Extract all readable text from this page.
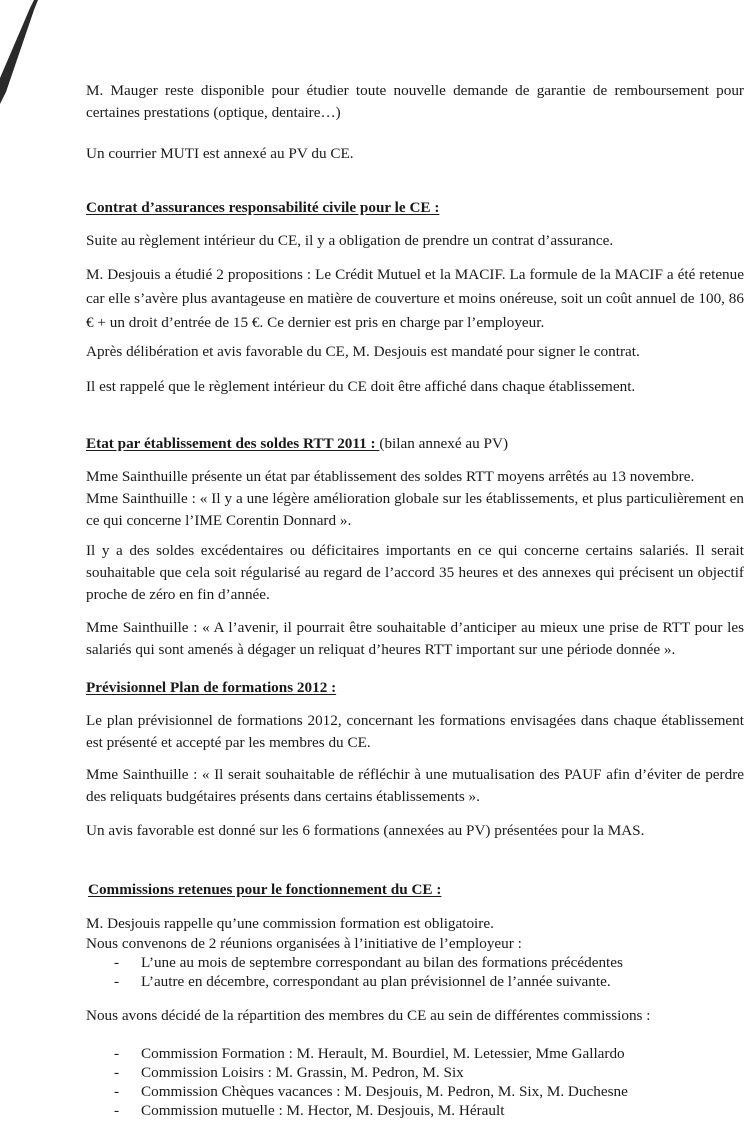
M. Mauger reste disponible pour étudier toute nouvelle demande de garantie de remboursement pour certaines prestations (optique, dentaire…)

Un courrier MUTI est annexé au PV du CE.

Contrat d’assurances responsabilité civile pour le CE :

Suite au règlement intérieur du CE, il y a obligation de prendre un contrat d’assurance.

M. Desjouis a étudié 2 propositions : Le Crédit Mutuel et la MACIF. La formule de la MACIF a été retenue car elle s’avère plus avantageuse en matière de couverture et moins onéreuse, soit un coût annuel de 100, 86 € + un droit d’entrée de 15 €. Ce dernier est pris en charge par l’employeur.

Après délibération et avis favorable du CE, M. Desjouis est mandaté pour signer le contrat.

Il est rappelé que le règlement intérieur du CE doit être affiché dans chaque établissement.

Etat par établissement des soldes RTT 2011 : (bilan annexé au PV)

Mme Sainthuille présente un état par établissement des soldes RTT moyens arrêtés au 13 novembre.

Mme Sainthuille : « Il y a une légère amélioration globale sur les établissements, et plus particulièrement en ce qui concerne l’IME Corentin Donnard ».

Il y a des soldes excédentaires ou déficitaires importants en ce qui concerne certains salariés. Il serait souhaitable que cela soit régularisé au regard de l’accord 35 heures et des annexes qui précisent un objectif proche de zéro en fin d’année.

Mme Sainthuille : « A l’avenir, il pourrait être souhaitable d’anticiper au mieux une prise de RTT pour les salariés qui sont amenés à dégager un reliquat d’heures RTT important sur une période donnée ».

Prévisionnel Plan de formations 2012 :

Le plan prévisionnel de formations 2012, concernant les formations envisagées dans chaque établissement est présenté et accepté par les membres du CE.

Mme Sainthuille : « Il serait souhaitable de réfléchir à une mutualisation des PAUF afin d’éviter de perdre des reliquats budgétaires présents dans certains établissements ».

Un avis favorable est donné sur les 6 formations (annexées au PV) présentées pour la MAS.

Commissions retenues pour le fonctionnement du CE :

M. Desjouis rappelle qu’une commission formation est obligatoire.

Nous convenons de 2 réunions organisées à l’initiative de l’employeur :

- L’une au mois de septembre correspondant au bilan des formations précédentes
- L’autre en décembre, correspondant au plan prévisionnel de l’année suivante.

Nous avons décidé de la répartition des membres du CE au sein de différentes commissions :

- Commission Formation : M. Herault, M. Bourdiel, M. Letessier, Mme Gallardo
- Commission Loisirs : M. Grassin, M. Pedron, M. Six
- Commission Chèques vacances : M. Desjouis, M. Pedron, M. Six, M. Duchesne
- Commission mutuelle : M. Hector, M. Desjouis, M. Hérault
